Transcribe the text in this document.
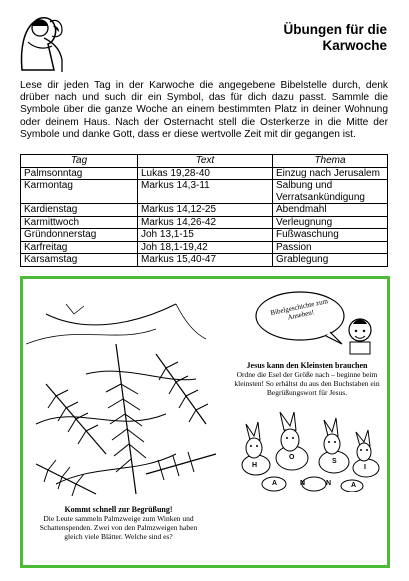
Übungen für die
Karwoche
Lese dir jeden Tag in der Karwoche die angegebene Bibelstelle durch, denk drüber nach und such dir ein Symbol, das für dich dazu passt. Sammle die Symbole über die ganze Woche an einem bestimmten Platz in deiner Wohnung oder deinem Haus. Nach der Osternacht stell die Osterkerze in die Mitte der Symbole und danke Gott, dass er diese wertvolle Zeit mit dir gegangen ist.
Tag	Text	Thema
Palmsonntag	Lukas 19,28-40	Einzug nach Jerusalem
Karmontag	Markus 14,3-11	Salbung und Verratsankündigung
Kardienstag	Markus 14,12-25	Abendmahl
Karmittwoch	Markus 14,26-42	Verleugnung
Gründonnerstag	Joh 13,1-15	Fußwaschung
Karfreitag	Joh 18,1-19,42	Passion
Karsamstag	Markus 15,40-47	Grablegung
Kommt schnell zur Begrüßung!
Die Leute sammeln Palmzweige zum Winken und Schattenspenden. Zwei von den Palmzweigen haben gleich viele Blätter. Welche sind es?
Bibelgeschichte zum Ansehen!
Jesus kann den Kleinsten brauchen
Ordne die Esel der Größe nach – beginne beim kleinsten! So erhältst du aus den Buchstaben ein Begrüßungswort für Jesus.
H
O
S
I
A	N	N	A
